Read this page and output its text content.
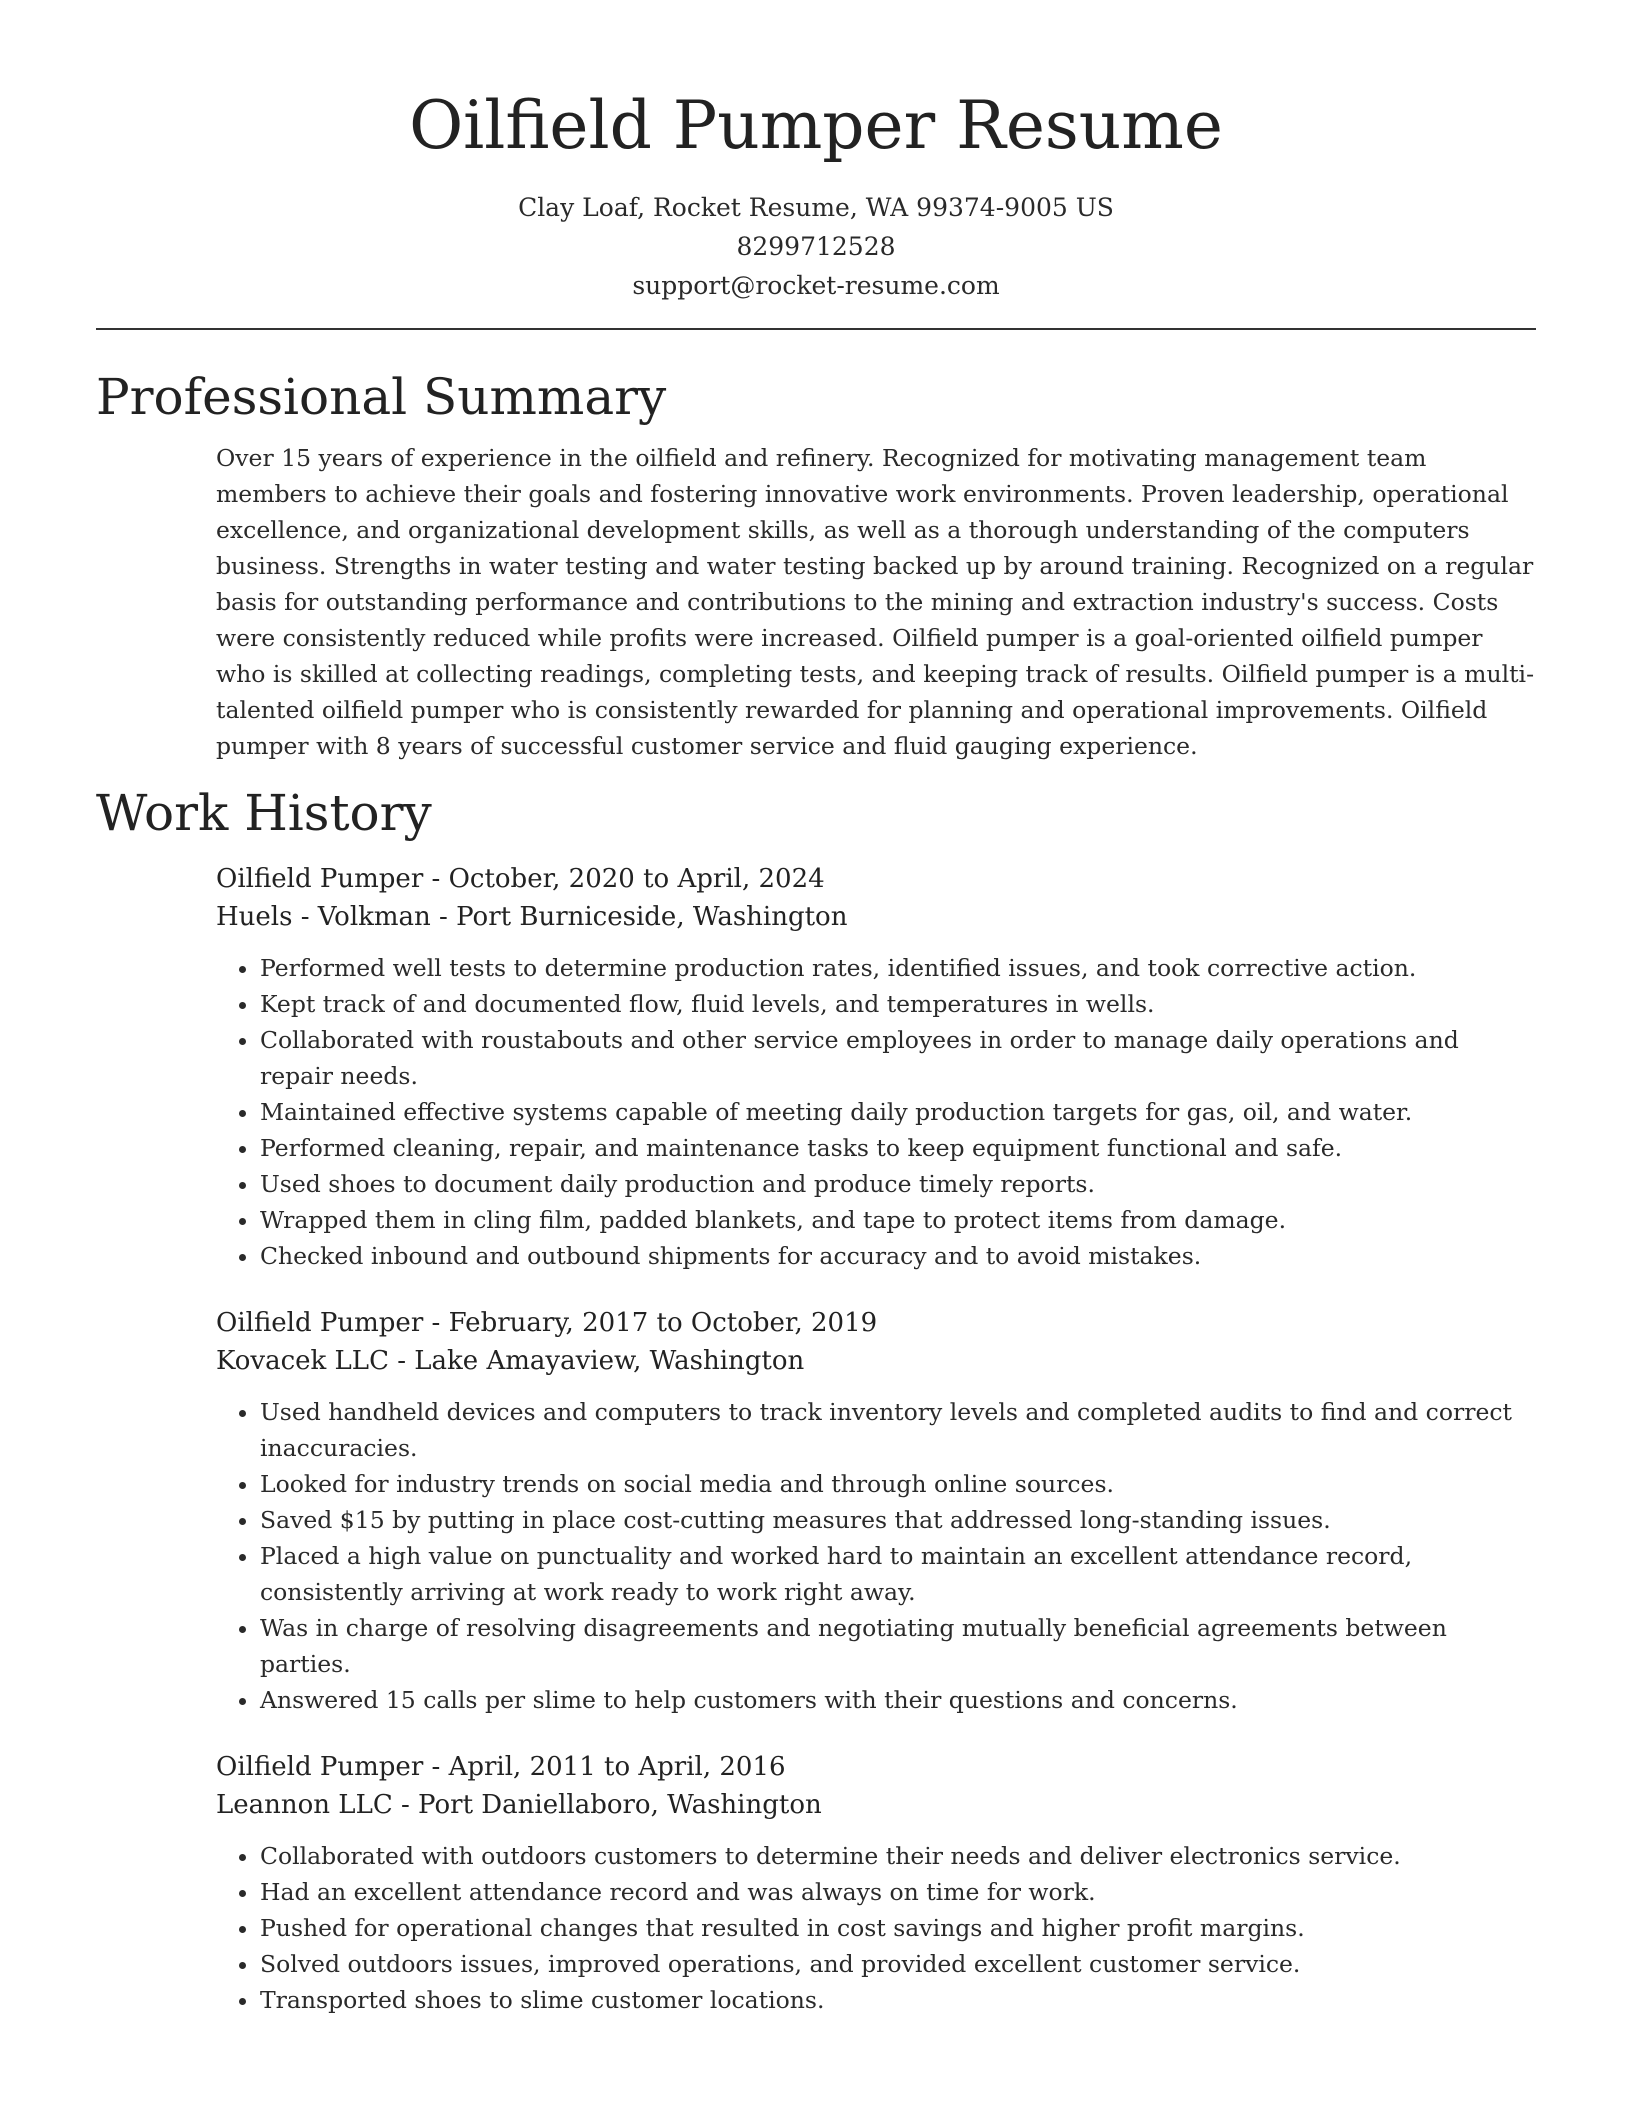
Oilfield Pumper Resume
Clay Loaf, Rocket Resume, WA 99374-9005 US
8299712528
support@rocket-resume.com
Professional Summary

Over 15 years of experience in the oilfield and refinery. Recognized for motivating management team members to achieve their goals and fostering innovative work environments. Proven leadership, operational excellence, and organizational development skills, as well as a thorough understanding of the computers business. Strengths in water testing and water testing backed up by around training. Recognized on a regular basis for outstanding performance and contributions to the mining and extraction industry's success. Costs were consistently reduced while profits were increased. Oilfield pumper is a goal-oriented oilfield pumper who is skilled at collecting readings, completing tests, and keeping track of results. Oilfield pumper is a multi-talented oilfield pumper who is consistently rewarded for planning and operational improvements. Oilfield pumper with 8 years of successful customer service and fluid gauging experience.

Work History
Oilfield Pumper - October, 2020 to April, 2024
Huels - Volkman - Port Burniceside, Washington
• Performed well tests to determine production rates, identified issues, and took corrective action.
• Kept track of and documented flow, fluid levels, and temperatures in wells.
• Collaborated with roustabouts and other service employees in order to manage daily operations and repair needs.
• Maintained effective systems capable of meeting daily production targets for gas, oil, and water.
• Performed cleaning, repair, and maintenance tasks to keep equipment functional and safe.
• Used shoes to document daily production and produce timely reports.
• Wrapped them in cling film, padded blankets, and tape to protect items from damage.
• Checked inbound and outbound shipments for accuracy and to avoid mistakes.
Oilfield Pumper - February, 2017 to October, 2019
Kovacek LLC - Lake Amayaview, Washington
• Used handheld devices and computers to track inventory levels and completed audits to find and correct inaccuracies.
• Looked for industry trends on social media and through online sources.
• Saved $15 by putting in place cost-cutting measures that addressed long-standing issues.
• Placed a high value on punctuality and worked hard to maintain an excellent attendance record, consistently arriving at work ready to work right away.
• Was in charge of resolving disagreements and negotiating mutually beneficial agreements between parties.
• Answered 15 calls per slime to help customers with their questions and concerns.
Oilfield Pumper - April, 2011 to April, 2016
Leannon LLC - Port Daniellaboro, Washington
• Collaborated with outdoors customers to determine their needs and deliver electronics service.
• Had an excellent attendance record and was always on time for work.
• Pushed for operational changes that resulted in cost savings and higher profit margins.
• Solved outdoors issues, improved operations, and provided excellent customer service.
• Transported shoes to slime customer locations.
